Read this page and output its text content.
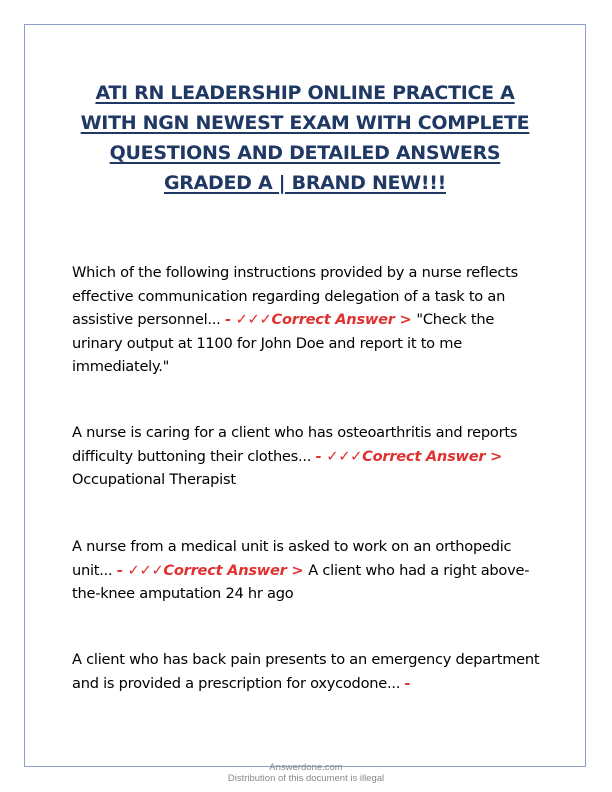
ATI RN LEADERSHIP ONLINE PRACTICE A WITH NGN NEWEST EXAM WITH COMPLETE QUESTIONS AND DETAILED ANSWERS GRADED A | BRAND NEW!!!

Which of the following instructions provided by a nurse reflects effective communication regarding delegation of a task to an assistive personnel... - ✓✓✓Correct Answer > "Check the urinary output at 1100 for John Doe and report it to me immediately."

A nurse is caring for a client who has osteoarthritis and reports difficulty buttoning their clothes... - ✓✓✓Correct Answer > Occupational Therapist

A nurse from a medical unit is asked to work on an orthopedic unit... - ✓✓✓Correct Answer > A client who had a right above-the-knee amputation 24 hr ago

A client who has back pain presents to an emergency department and is provided a prescription for oxycodone... -

Answerdone.com
Distribution of this document is illegal
